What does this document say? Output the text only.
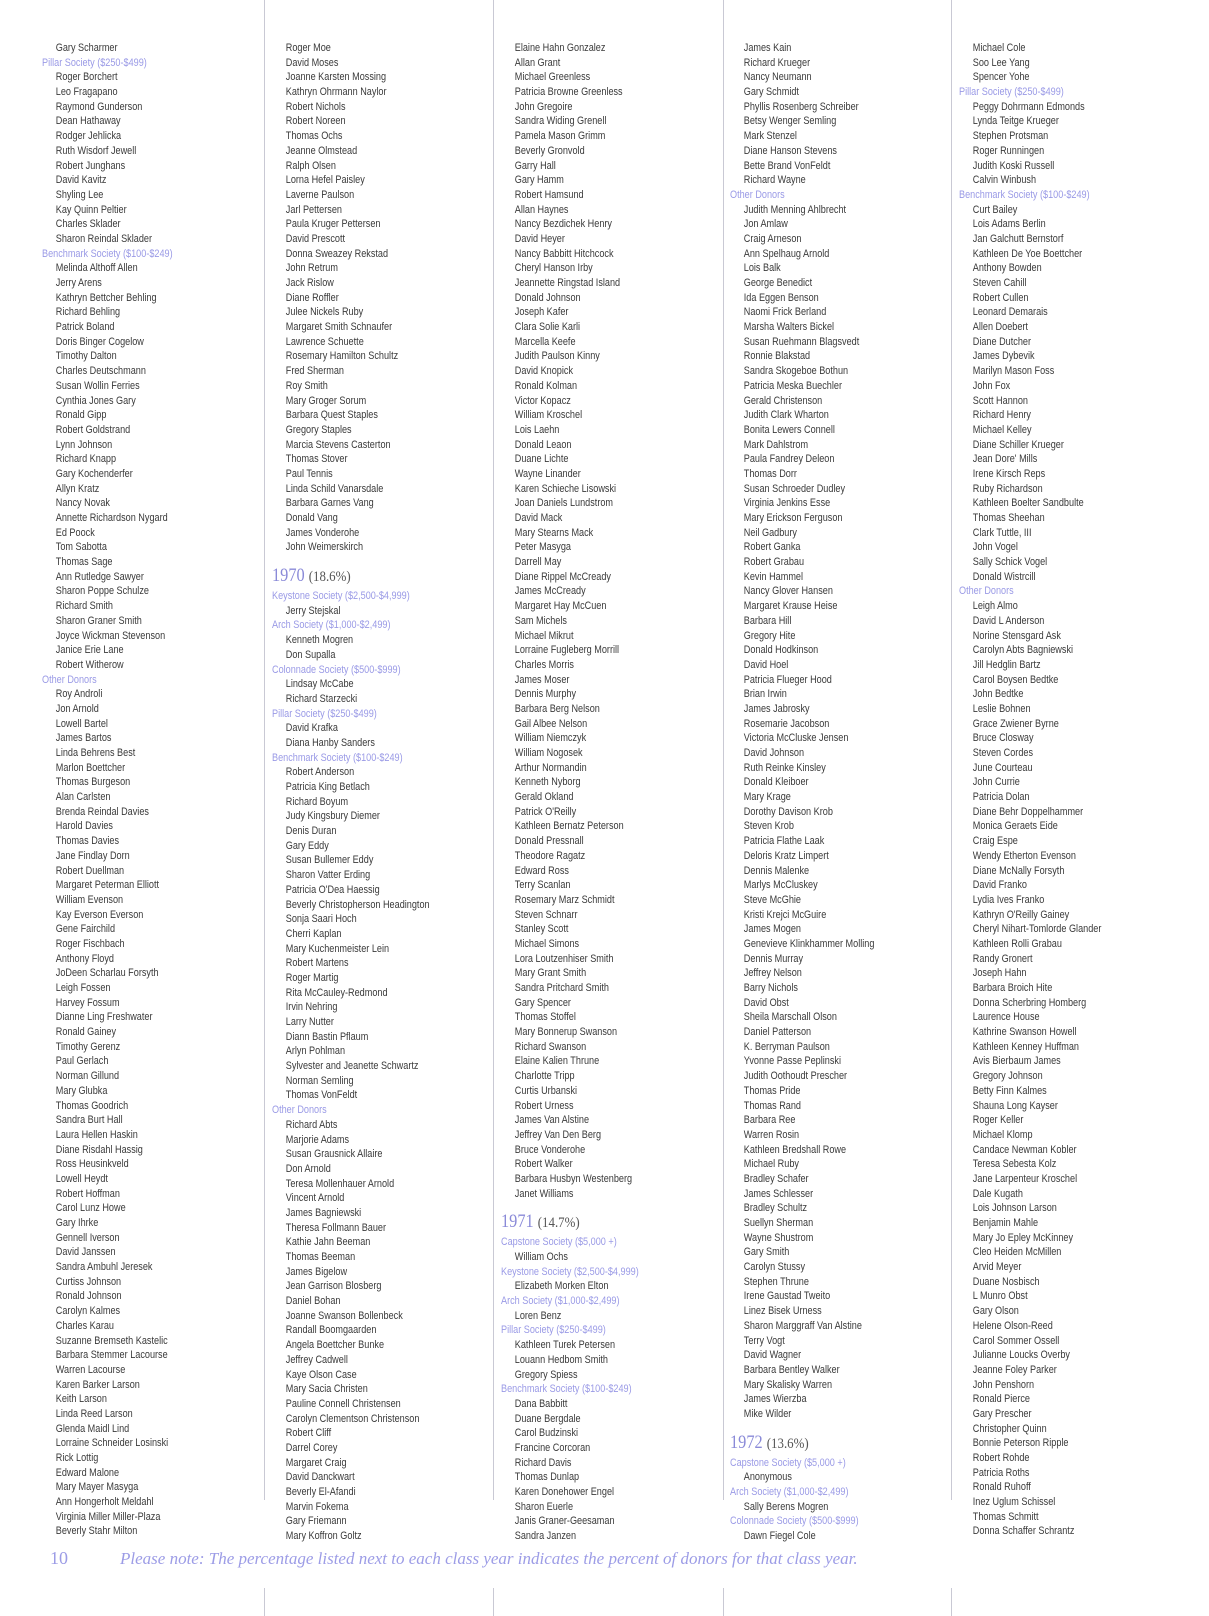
Gary Scharmer
Pillar Society ($250-$499)
Roger Borchert
Leo Fragapano
Raymond Gunderson
Dean Hathaway
Rodger Jehlicka
Ruth Wisdorf Jewell
Robert Junghans
David Kavitz
Shyling Lee
Kay Quinn Peltier
Charles Sklader
Sharon Reindal Sklader
Benchmark Society ($100-$249)
Melinda Althoff Allen
Jerry Arens
Kathryn Bettcher Behling
Richard Behling
Patrick Boland
Doris Binger Cogelow
Timothy Dalton
Charles Deutschmann
Susan Wollin Ferries
Cynthia Jones Gary
Ronald Gipp
Robert Goldstrand
Lynn Johnson
Richard Knapp
Gary Kochenderfer
Allyn Kratz
Nancy Novak
Annette Richardson Nygard
Ed Poock
Tom Sabotta
Thomas Sage
Ann Rutledge Sawyer
Sharon Poppe Schulze
Richard Smith
Sharon Graner Smith
Joyce Wickman Stevenson
Janice Erie Lane
Robert Witherow
Other Donors
Roy Androli
Jon Arnold
Lowell Bartel
James Bartos
Linda Behrens Best
Marlon Boettcher
Thomas Burgeson
Alan Carlsten
Brenda Reindal Davies
Harold Davies
Thomas Davies
Jane Findlay Dorn
Robert Duellman
Margaret Peterman Elliott
William Evenson
Kay Everson Everson
Gene Fairchild
Roger Fischbach
Anthony Floyd
JoDeen Scharlau Forsyth
Leigh Fossen
Harvey Fossum
Dianne Ling Freshwater
Ronald Gainey
Timothy Gerenz
Paul Gerlach
Norman Gillund
Mary Glubka
Thomas Goodrich
Sandra Burt Hall
Laura Hellen Haskin
Diane Risdahl Hassig
Ross Heusinkveld
Lowell Heydt
Robert Hoffman
Carol Lunz Howe
Gary Ihrke
Gennell Iverson
David Janssen
Sandra Ambuhl Jeresek
Curtiss Johnson
Ronald Johnson
Carolyn Kalmes
Charles Karau
Suzanne Bremseth Kastelic
Barbara Stemmer Lacourse
Warren Lacourse
Karen Barker Larson
Keith Larson
Linda Reed Larson
Glenda Maidl Lind
Lorraine Schneider Losinski
Rick Lottig
Edward Malone
Mary Mayer Masyga
Ann Hongerholt Meldahl
Virginia Miller Miller-Plaza
Beverly Stahr Milton
Roger Moe
David Moses
Joanne Karsten Mossing
Kathryn Ohrmann Naylor
Robert Nichols
Robert Noreen
Thomas Ochs
Jeanne Olmstead
Ralph Olsen
Lorna Hefel Paisley
Laverne Paulson
Jarl Pettersen
Paula Kruger Pettersen
David Prescott
Donna Sweazey Rekstad
John Retrum
Jack Rislow
Diane Roffler
Julee Nickels Ruby
Margaret Smith Schnaufer
Lawrence Schuette
Rosemary Hamilton Schultz
Fred Sherman
Roy Smith
Mary Groger Sorum
Barbara Quest Staples
Gregory Staples
Marcia Stevens Casterton
Thomas Stover
Paul Tennis
Linda Schild Vanarsdale
Barbara Garnes Vang
Donald Vang
James Vonderohe
John Weimerskirch
1970 (18.6%)
Keystone Society ($2,500-$4,999)
Jerry Stejskal
Arch Society ($1,000-$2,499)
Kenneth Mogren
Don Supalla
Colonnade Society ($500-$999)
Lindsay McCabe
Richard Starzecki
Pillar Society ($250-$499)
David Krafka
Diana Hanby Sanders
Benchmark Society ($100-$249)
Robert Anderson
Patricia King Betlach
Richard Boyum
Judy Kingsbury Diemer
Denis Duran
Gary Eddy
Susan Bullemer Eddy
Sharon Vatter Erding
Patricia O'Dea Haessig
Beverly Christopherson Headington
Sonja Saari Hoch
Cherri Kaplan
Mary Kuchenmeister Lein
Robert Martens
Roger Martig
Rita McCauley-Redmond
Irvin Nehring
Larry Nutter
Diann Bastin Pflaum
Arlyn Pohlman
Sylvester and Jeanette Schwartz
Norman Semling
Thomas VonFeldt
Other Donors
Richard Abts
Marjorie Adams
Susan Grausnick Allaire
Don Arnold
Teresa Mollenhauer Arnold
Vincent Arnold
James Bagniewski
Theresa Follmann Bauer
Kathie Jahn Beeman
Thomas Beeman
James Bigelow
Jean Garrison Blosberg
Daniel Bohan
Joanne Swanson Bollenbeck
Randall Boomgaarden
Angela Boettcher Bunke
Jeffrey Cadwell
Kaye Olson Case
Mary Sacia Christen
Pauline Connell Christensen
Carolyn Clementson Christenson
Robert Cliff
Darrel Corey
Margaret Craig
David Danckwart
Beverly El-Afandi
Marvin Fokema
Gary Friemann
Mary Koffron Goltz
Elaine Hahn Gonzalez
Allan Grant
Michael Greenless
Patricia Browne Greenless
John Gregoire
Sandra Widing Grenell
Pamela Mason Grimm
Beverly Gronvold
Garry Hall
Gary Hamm
Robert Hamsund
Allan Haynes
Nancy Bezdichek Henry
David Heyer
Nancy Babbitt Hitchcock
Cheryl Hanson Irby
Jeannette Ringstad Island
Donald Johnson
Joseph Kafer
Clara Solie Karli
Marcella Keefe
Judith Paulson Kinny
David Knopick
Ronald Kolman
Victor Kopacz
William Kroschel
Lois Laehn
Donald Leaon
Duane Lichte
Wayne Linander
Karen Schieche Lisowski
Joan Daniels Lundstrom
David Mack
Mary Stearns Mack
Peter Masyga
Darrell May
Diane Rippel McCready
James McCready
Margaret Hay McCuen
Sam Michels
Michael Mikrut
Lorraine Fugleberg Morrill
Charles Morris
James Moser
Dennis Murphy
Barbara Berg Nelson
Gail Albee Nelson
William Niemczyk
William Nogosek
Arthur Normandin
Kenneth Nyborg
Gerald Okland
Patrick O'Reilly
Kathleen Bernatz Peterson
Donald Pressnall
Theodore Ragatz
Edward Ross
Terry Scanlan
Rosemary Marz Schmidt
Steven Schnarr
Stanley Scott
Michael Simons
Lora Loutzenhiser Smith
Mary Grant Smith
Sandra Pritchard Smith
Gary Spencer
Thomas Stoffel
Mary Bonnerup Swanson
Richard Swanson
Elaine Kalien Thrune
Charlotte Tripp
Curtis Urbanski
Robert Urness
James Van Alstine
Jeffrey Van Den Berg
Bruce Vonderohe
Robert Walker
Barbara Husbyn Westenberg
Janet Williams
1971 (14.7%)
Capstone Society ($5,000 +)
William Ochs
Keystone Society ($2,500-$4,999)
Elizabeth Morken Elton
Arch Society ($1,000-$2,499)
Loren Benz
Pillar Society ($250-$499)
Kathleen Turek Petersen
Louann Hedbom Smith
Gregory Spiess
Benchmark Society ($100-$249)
Dana Babbitt
Duane Bergdale
Carol Budzinski
Francine Corcoran
Richard Davis
Thomas Dunlap
Karen Donehower Engel
Sharon Euerle
Janis Graner-Geesaman
Sandra Janzen
James Kain
Richard Krueger
Nancy Neumann
Gary Schmidt
Phyllis Rosenberg Schreiber
Betsy Wenger Semling
Mark Stenzel
Diane Hanson Stevens
Bette Brand VonFeldt
Richard Wayne
Other Donors
Judith Menning Ahlbrecht
Jon Amlaw
Craig Arneson
Ann Spelhaug Arnold
Lois Balk
George Benedict
Ida Eggen Benson
Naomi Frick Berland
Marsha Walters Bickel
Susan Ruehmann Blagsvedt
Ronnie Blakstad
Sandra Skogeboe Bothun
Patricia Meska Buechler
Gerald Christenson
Judith Clark Wharton
Bonita Lewers Connell
Mark Dahlstrom
Paula Fandrey Deleon
Thomas Dorr
Susan Schroeder Dudley
Virginia Jenkins Esse
Mary Erickson Ferguson
Neil Gadbury
Robert Ganka
Robert Grabau
Kevin Hammel
Nancy Glover Hansen
Margaret Krause Heise
Barbara Hill
Gregory Hite
Donald Hodkinson
David Hoel
Patricia Flueger Hood
Brian Irwin
James Jabrosky
Rosemarie Jacobson
Victoria McCluske Jensen
David Johnson
Ruth Reinke Kinsley
Donald Kleiboer
Mary Krage
Dorothy Davison Krob
Steven Krob
Patricia Flathe Laak
Deloris Kratz Limpert
Dennis Malenke
Marlys McCluskey
Steve McGhie
Kristi Krejci McGuire
James Mogen
Genevieve Klinkhammer Molling
Dennis Murray
Jeffrey Nelson
Barry Nichols
David Obst
Sheila Marschall Olson
Daniel Patterson
K. Berryman Paulson
Yvonne Passe Peplinski
Judith Oothoudt Prescher
Thomas Pride
Thomas Rand
Barbara Ree
Warren Rosin
Kathleen Bredshall Rowe
Michael Ruby
Bradley Schafer
James Schlesser
Bradley Schultz
Suellyn Sherman
Wayne Shustrom
Gary Smith
Carolyn Stussy
Stephen Thrune
Irene Gaustad Tweito
Linez Bisek Urness
Sharon Marggraff Van Alstine
Terry Vogt
David Wagner
Barbara Bentley Walker
Mary Skalisky Warren
James Wierzba
Mike Wilder
1972 (13.6%)
Capstone Society ($5,000 +)
Anonymous
Arch Society ($1,000-$2,499)
Sally Berens Mogren
Colonnade Society ($500-$999)
Dawn Fiegel Cole
Michael Cole
Soo Lee Yang
Spencer Yohe
Pillar Society ($250-$499)
Peggy Dohrmann Edmonds
Lynda Teitge Krueger
Stephen Protsman
Roger Runningen
Judith Koski Russell
Calvin Winbush
Benchmark Society ($100-$249)
Curt Bailey
Lois Adams Berlin
Jan Galchutt Bernstorf
Kathleen De Yoe Boettcher
Anthony Bowden
Steven Cahill
Robert Cullen
Leonard Demarais
Allen Doebert
Diane Dutcher
James Dybevik
Marilyn Mason Foss
John Fox
Scott Hannon
Richard Henry
Michael Kelley
Diane Schiller Krueger
Jean Dore' Mills
Irene Kirsch Reps
Ruby Richardson
Kathleen Boelter Sandbulte
Thomas Sheehan
Clark Tuttle, III
John Vogel
Sally Schick Vogel
Donald Wistrcill
Other Donors
Leigh Almo
David L Anderson
Norine Stensgard Ask
Carolyn Abts Bagniewski
Jill Hedglin Bartz
Carol Boysen Bedtke
John Bedtke
Leslie Bohnen
Grace Zwiener Byrne
Bruce Closway
Steven Cordes
June Courteau
John Currie
Patricia Dolan
Diane Behr Doppelhammer
Monica Geraets Eide
Craig Espe
Wendy Etherton Evenson
Diane McNally Forsyth
David Franko
Lydia Ives Franko
Kathryn O'Reilly Gainey
Cheryl Nihart-Tomlorde Glander
Kathleen Rolli Grabau
Randy Gronert
Joseph Hahn
Barbara Broich Hite
Donna Scherbring Homberg
Laurence House
Kathrine Swanson Howell
Kathleen Kenney Huffman
Avis Bierbaum James
Gregory Johnson
Betty Finn Kalmes
Shauna Long Kayser
Roger Keller
Michael Klomp
Candace Newman Kobler
Teresa Sebesta Kolz
Jane Larpenteur Kroschel
Dale Kugath
Lois Johnson Larson
Benjamin Mahle
Mary Jo Epley McKinney
Cleo Heiden McMillen
Arvid Meyer
Duane Nosbisch
L Munro Obst
Gary Olson
Helene Olson-Reed
Carol Sommer Ossell
Julianne Loucks Overby
Jeanne Foley Parker
John Penshorn
Ronald Pierce
Gary Prescher
Christopher Quinn
Bonnie Peterson Ripple
Robert Rohde
Patricia Roths
Ronald Ruhoff
Inez Uglum Schissel
Thomas Schmitt
Donna Schaffer Schrantz
10	Please note: The percentage listed next to each class year indicates the percent of donors for that class year.
